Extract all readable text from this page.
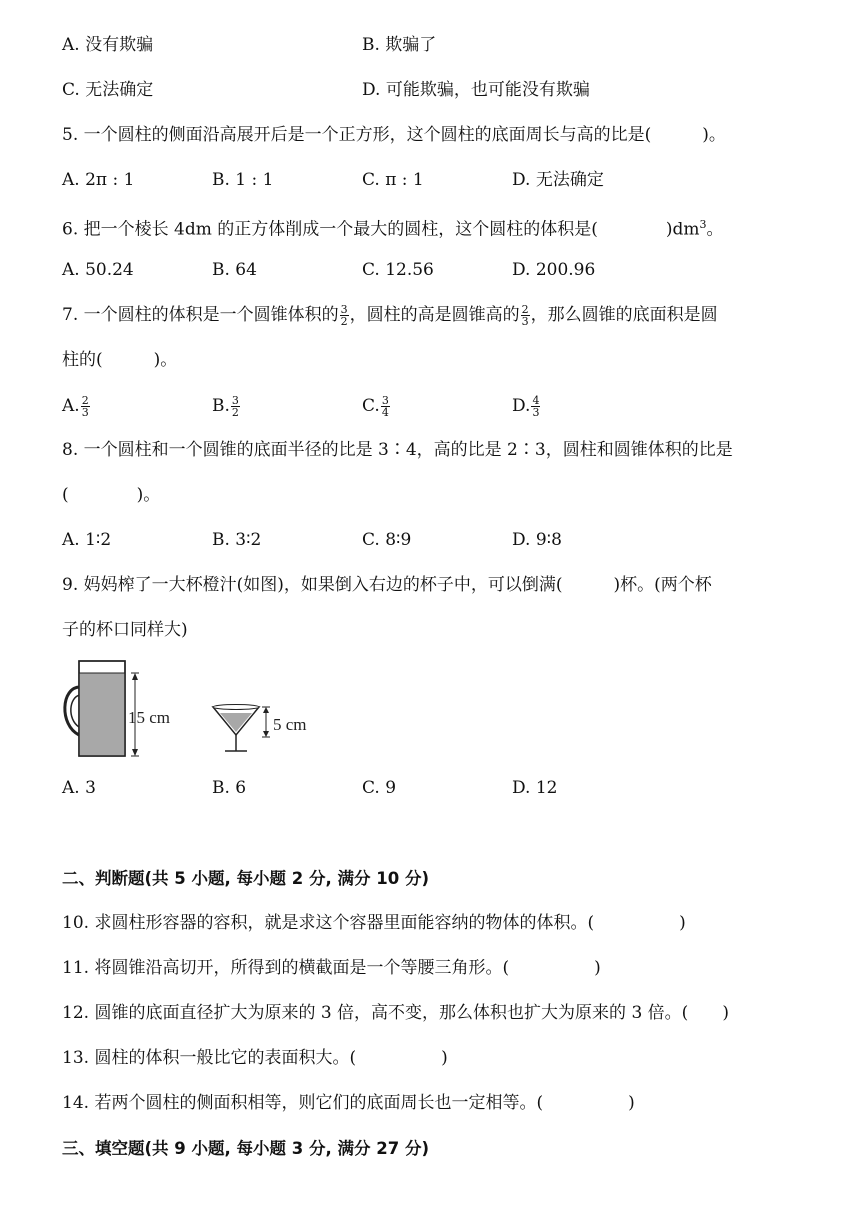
A. 没有欺骗	B. 欺骗了
C. 无法确定	D. 可能欺骗，也可能没有欺骗
5. 一个圆柱的侧面沿高展开后是一个正方形，这个圆柱的底面周长与高的比是(　　　)。
A. 2π : 1	B. 1 : 1	C. π : 1	D. 无法确定
6. 把一个棱长 4dm 的正方体削成一个最大的圆柱，这个圆柱的体积是(　　　　)$dm^3$。
A. 50.24	B. 64	C. 12.56	D. 200.96
7. 一个圆柱的体积是一个圆锥体积的 $\frac{3}{2}$ ，圆柱的高是圆锥高的 $\frac{2}{3}$ ，那么圆锥的底面积是圆
柱的(　　　)。
A. $\frac{2}{3}$	B. $\frac{3}{2}$	C. $\frac{3}{4}$	D. $\frac{4}{3}$
8. 一个圆柱和一个圆锥的底面半径的比是 3∶4，高的比是 2∶3，圆柱和圆锥体积的比是
(　　　　)。
A. 1∶2	B. 3∶2	C. 8∶9	D. 9∶8
9. 妈妈榨了一大杯橙汁(如图)，如果倒入右边的杯子中，可以倒满(　　　)杯。(两个杯
子的杯口同样大)
15 cm	5 cm
A. 3	B. 6	C. 9	D. 12
二、判断题(共 5 小题, 每小题 2 分, 满分 10 分)
10. 求圆柱形容器的容积，就是求这个容器里面能容纳的物体的体积。(　　　　　)
11. 将圆锥沿高切开，所得到的横截面是一个等腰三角形。(　　　　　)
12. 圆锥的底面直径扩大为原来的 3 倍，高不变，那么体积也扩大为原来的 3 倍。(　　)
13. 圆柱的体积一般比它的表面积大。(　　　　　)
14. 若两个圆柱的侧面积相等，则它们的底面周长也一定相等。(　　　　　)
三、填空题(共 9 小题, 每小题 3 分, 满分 27 分)
